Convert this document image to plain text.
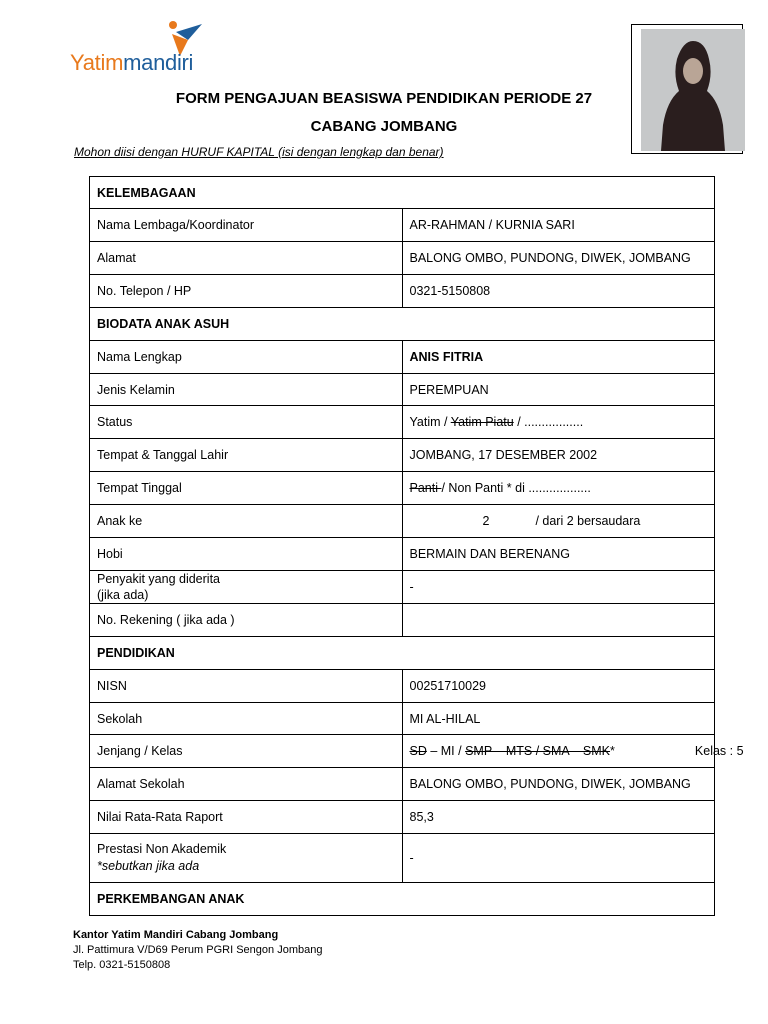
Yatimmandiri
FORM PENGAJUAN BEASISWA PENDIDIKAN PERIODE 27
CABANG JOMBANG
Mohon diisi dengan HURUF KAPITAL (isi dengan lengkap dan benar)
KELEMBAGAAN	
Nama Lembaga/Koordinator	AR-RAHMAN / KURNIA SARI
Alamat	BALONG OMBO, PUNDONG, DIWEK, JOMBANG
No. Telepon / HP	0321-5150808
BIODATA ANAK ASUH	
Nama Lengkap	ANIS FITRIA
Jenis Kelamin	PEREMPUAN
Status	Yatim / Yatim Piatu / .................
Tempat & Tanggal Lahir	JOMBANG, 17 DESEMBER 2002
Tempat Tinggal	Panti / Non Panti * di ..................
Anak ke	2 / dari 2 bersaudara
Hobi	BERMAIN DAN BERENANG

Penyakit yang diderita
(jika ada)	-
No. Rekening ( jika ada )	
PENDIDIKAN	
NISN	00251710029
Sekolah	MI AL-HILAL
Jenjang / Kelas	SD – MI / SMP – MTS / SMA – SMK* Kelas : 5
Alamat Sekolah	BALONG OMBO, PUNDONG, DIWEK, JOMBANG
Nilai Rata-Rata Raport	85,3

Prestasi Non Akademik
*sebutkan jika ada	-
PERKEMBANGAN ANAK	
Kantor Yatim Mandiri Cabang Jombang
Jl. Pattimura V/D69 Perum PGRI Sengon Jombang
Telp. 0321-5150808
